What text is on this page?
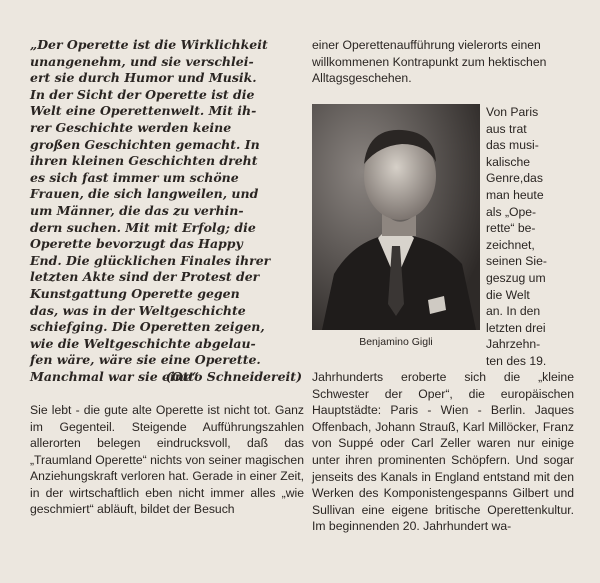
„Der Operette ist die Wirklichkeit
unangenehm, und sie verschlei-
ert sie durch Humor und Musik.
In der Sicht der Operette ist die
Welt eine Operettenwelt. Mit ih-
rer Geschichte werden keine
großen Geschichten gemacht. In
ihren kleinen Geschichten dreht
es sich fast immer um schöne
Frauen, die sich langweilen, und
um Männer, die das zu verhin-
dern suchen. Mit mit Erfolg; die
Operette bevorzugt das Happy
End. Die glücklichen Finales ihrer
letzten Akte sind der Protest der
Kunstgattung Operette gegen
das, was in der Weltgeschichte
schiefging. Die Operetten zeigen,
wie die Weltgeschichte abgelau-
fen wäre, wäre sie eine Operette.
Manchmal war sie eine“

(Otto Schneidereit)

Sie lebt - die gute alte Operette ist nicht tot. Ganz im Gegenteil. Steigende Aufführungszahlen allerorten belegen eindrucksvoll, daß das „Traumland Operette“ nichts von seiner magischen Anziehungskraft verloren hat. Gerade in einer Zeit, in der wirtschaftlich eben nicht immer alles „wie geschmiert“ abläuft, bildet der Besuch

einer Operettenaufführung vielerorts einen willkommenen Kontrapunkt zum hektischen Alltagsgeschehen.

Benjamino Gigli

Von Paris
aus trat
das musi-
kalische
Genre,das
man heute
als „Ope-
rette“ be-
zeichnet,
seinen Sie-
geszug um
die Welt
an. In den
letzten drei
Jahrzehn-
ten des 19.

Jahrhunderts eroberte sich die „kleine Schwester der Oper“, die europäischen Hauptstädte: Paris - Wien - Berlin. Jaques Offenbach, Johann Strauß, Karl Millöcker, Franz von Suppé oder Carl Zeller waren nur einige unter ihren prominenten Schöpfern. Und sogar jenseits des Kanals in England entstand mit den Werken des Komponistengespanns Gilbert und Sullivan eine eigene britische Operettenkultur. Im beginnenden 20. Jahrhundert wa-
